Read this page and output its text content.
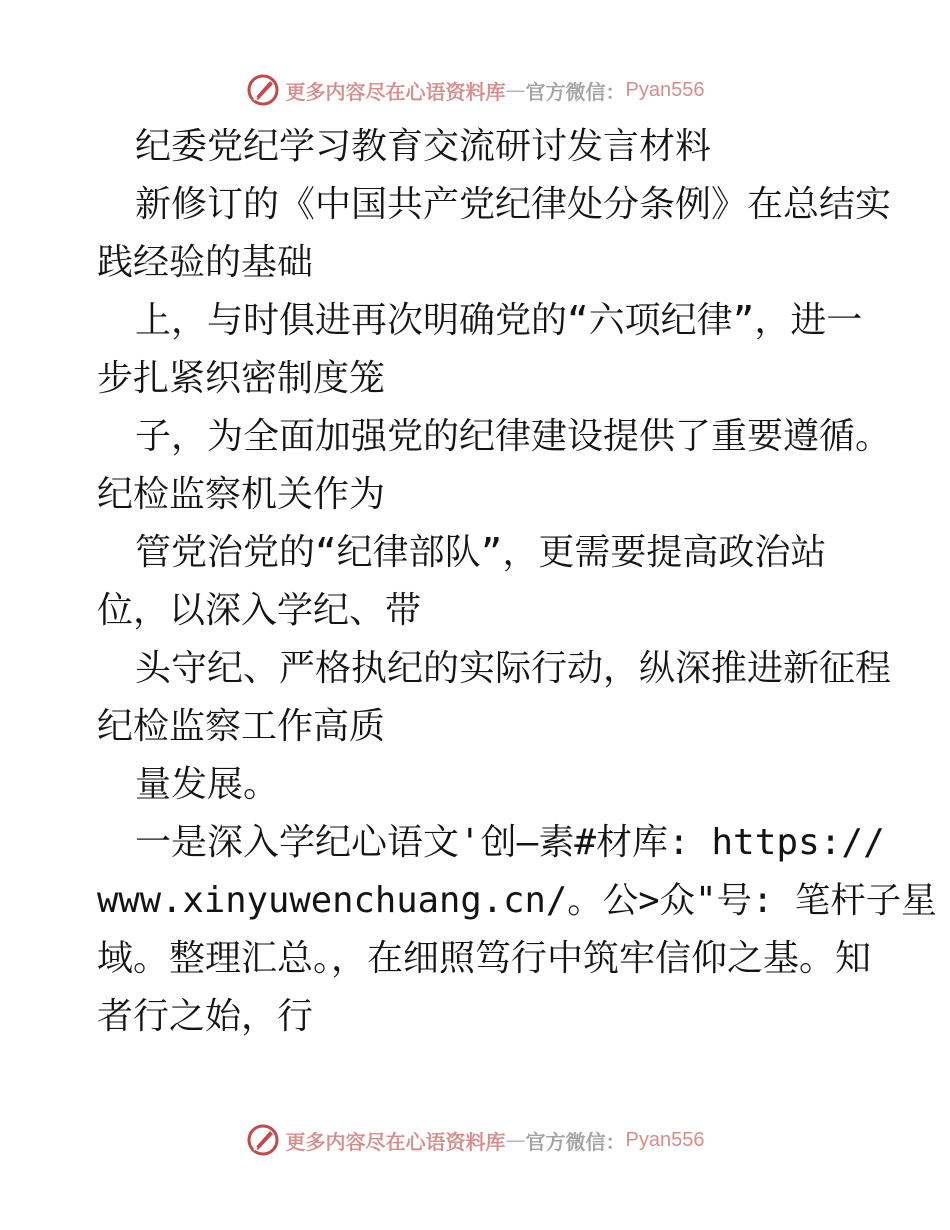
更多内容尽在心语资料库 — 官方微信： Pyan556
纪委党纪学习教育交流研讨发言材料
新修订的《中国共产党纪律处分条例》在总结实
践经验的基础
上，与时俱进再次明确党的“六项纪律”，进一
步扎紧织密制度笼
子，为全面加强党的纪律建设提供了重要遵循。
纪检监察机关作为
管党治党的“纪律部队”，更需要提高政治站
位，以深入学纪、带
头守纪、严格执纪的实际行动，纵深推进新征程
纪检监察工作高质
量发展。
一是深入学纪心语文'创—素#材库: https://
www.xinyuwenchuang.cn/。公>众"号: 笔杆子星
域。整理汇总。，在细照笃行中筑牢信仰之基。知
者行之始，行
更多内容尽在心语资料库 — 官方微信： Pyan556
